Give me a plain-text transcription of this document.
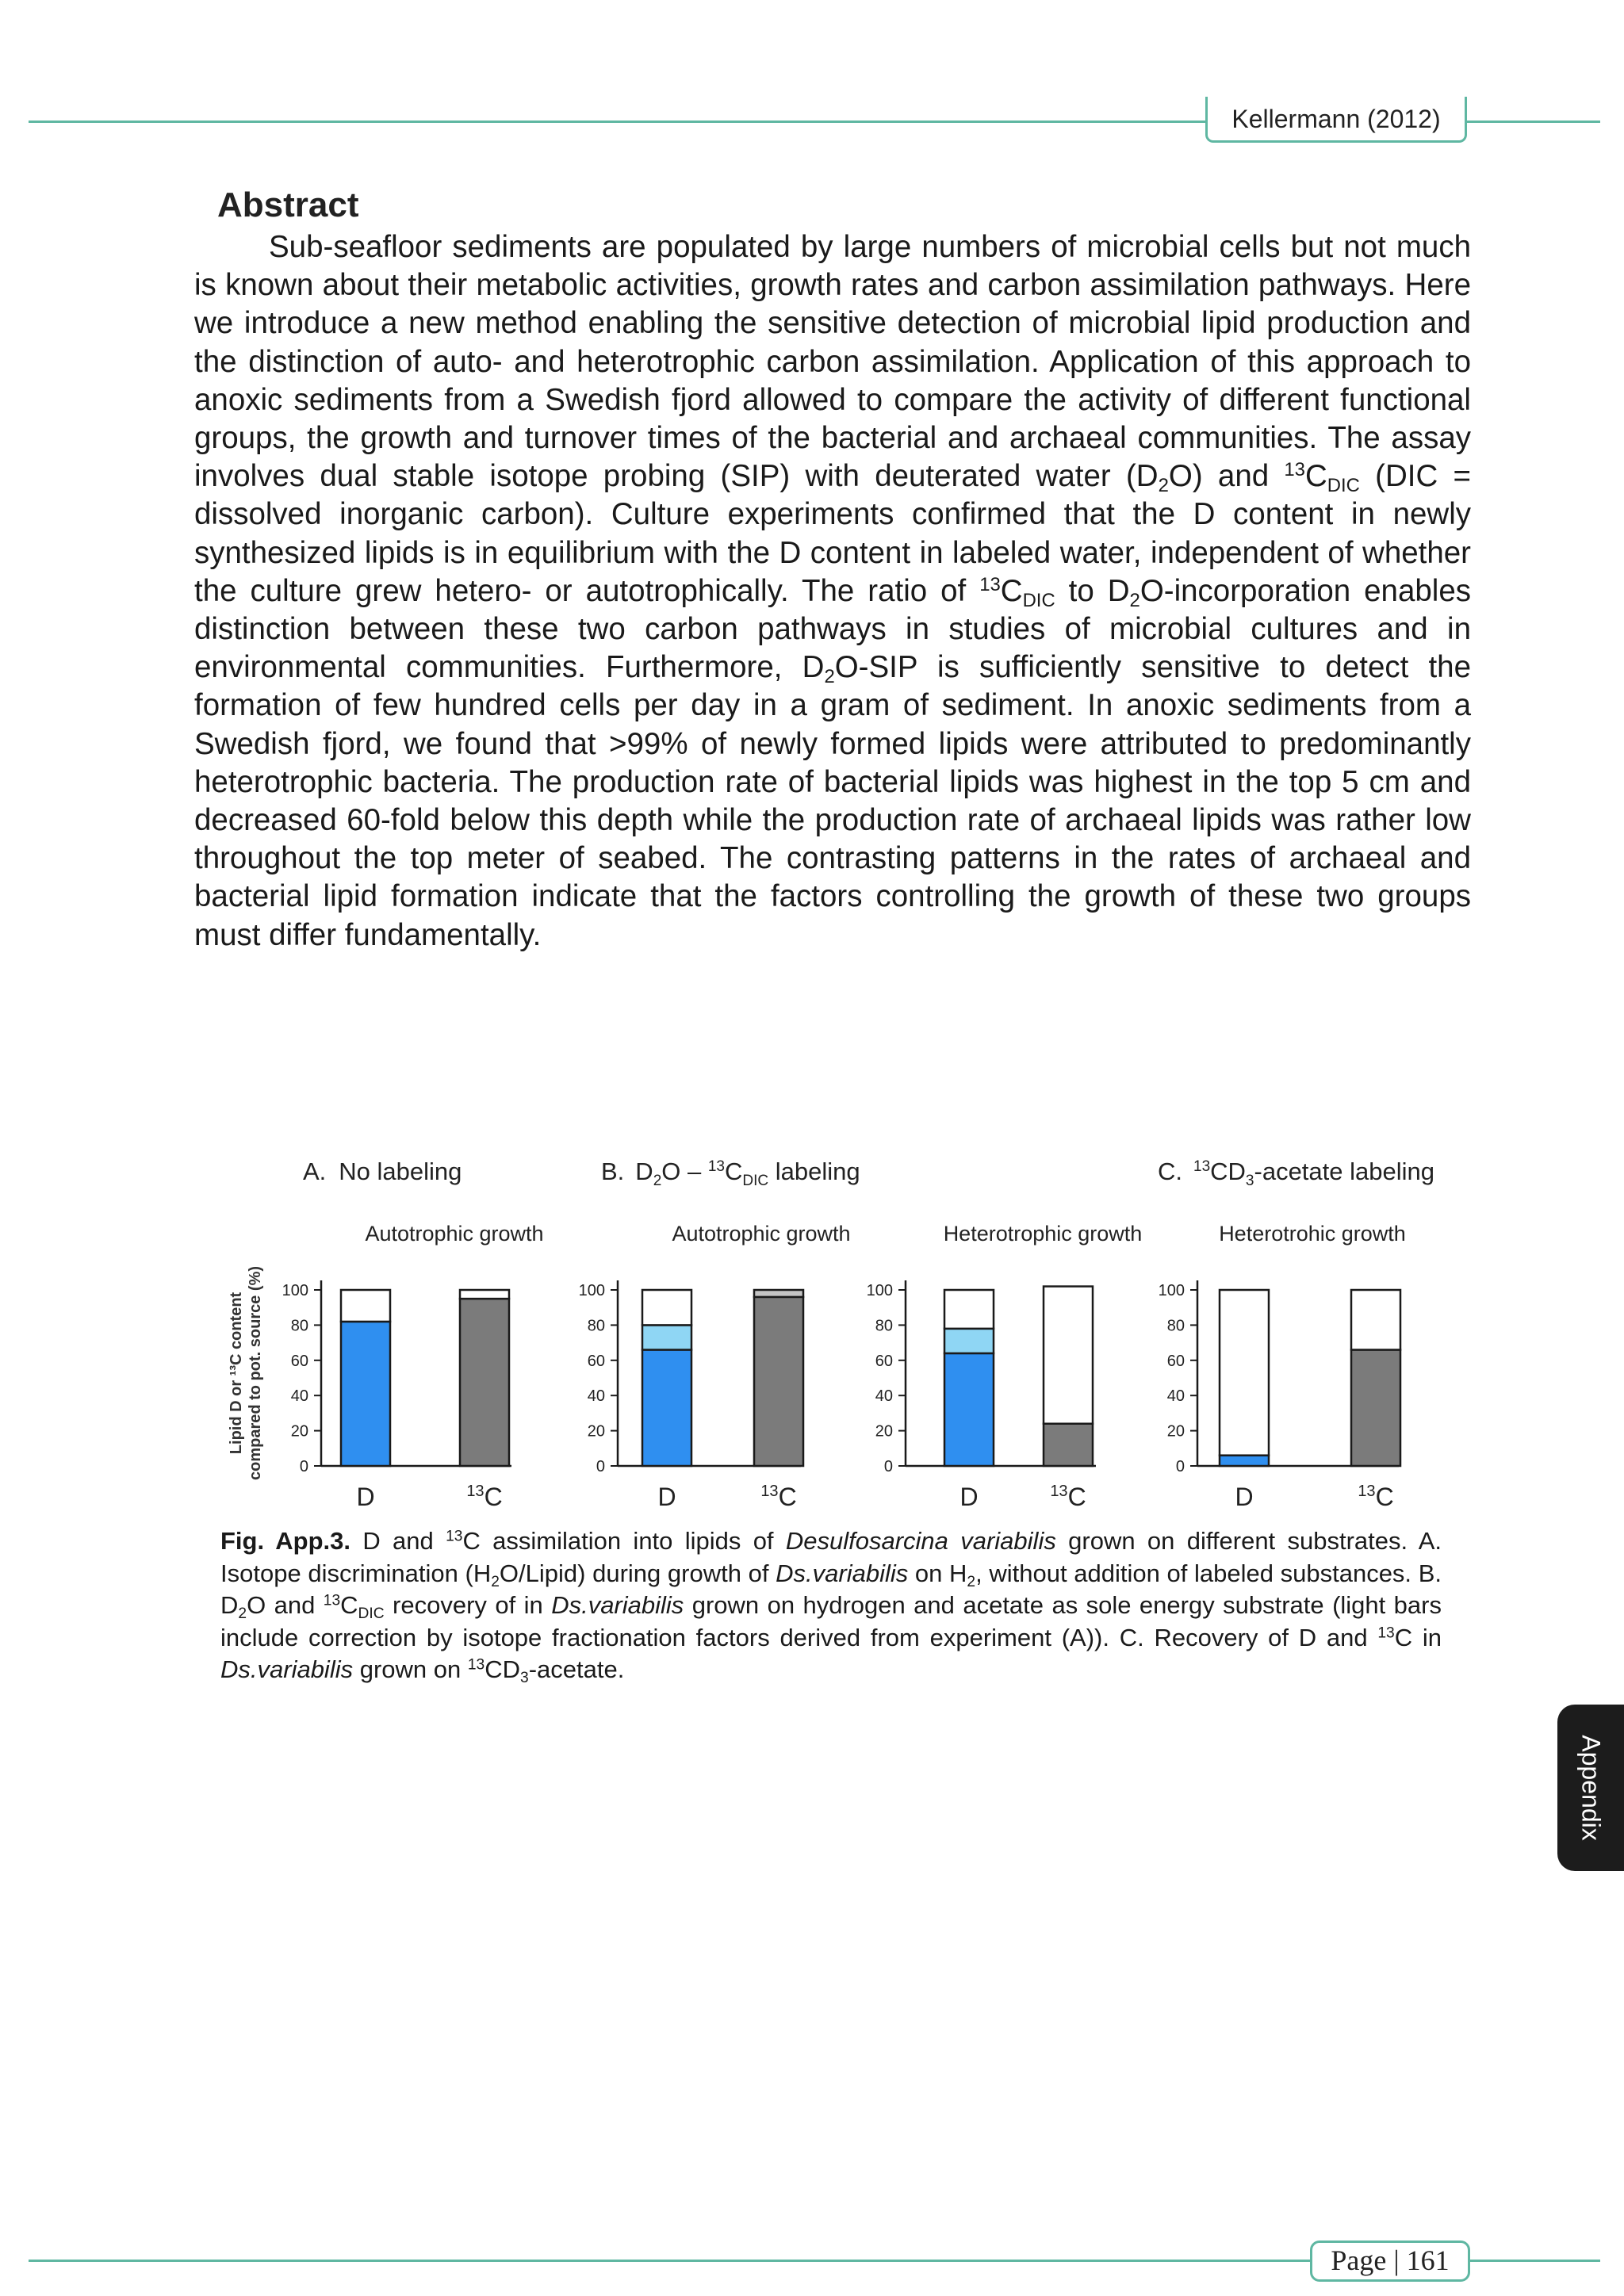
Kellermann (2012)
Abstract
Sub-seafloor sediments are populated by large numbers of microbial cells but not much is known about their metabolic activities, growth rates and carbon assimilation pathways. Here we introduce a new method enabling the sensitive detection of microbial lipid production and the distinction of auto- and heterotrophic carbon assimilation. Application of this approach to anoxic sediments from a Swedish fjord allowed to compare the activity of different functional groups, the growth and turnover times of the bacterial and archaeal communities. The assay involves dual stable isotope probing (SIP) with deuterated water $(D_2O)$ and $^{13}C_{DIC}$ (DIC = dissolved inorganic carbon). Culture experiments confirmed that the D content in newly synthesized lipids is in equilibrium with the D content in labeled water, independent of whether the culture grew hetero- or autotrophically. The ratio of $^{13}C_{DIC}$ to $D_2O$-incorporation enables distinction between these two carbon pathways in studies of microbial cultures and in environmental communities. Furthermore, $D_2O$-SIP is sufficiently sensitive to detect the formation of few hundred cells per day in a gram of sediment. In anoxic sediments from a Swedish fjord, we found that >99% of newly formed lipids were attributed to predominantly heterotrophic bacteria. The production rate of bacterial lipids was highest in the top 5 cm and decreased 60-fold below this depth while the production rate of archaeal lipids was rather low throughout the top meter of seabed. The contrasting patterns in the rates of archaeal and bacterial lipid formation indicate that the factors controlling the growth of these two groups must differ fundamentally.
A. No labeling	B. $D_2O - ^{13}C_{DIC}$ labeling	C. $^{13}CD_3$-acetate labeling
Lipid D or ¹³C content compared to pot. source (%)
Autotrophic growth
0
20
40
60
80
100
D	$^{13}$C
Autotrophic growth
0
20
40
60
80
100
D	$^{13}$C
Heterotrophic growth
0
20
40
60
80
100
D	$^{13}$C
Heterotrohic growth
0
20
40
60
80
100
D	$^{13}$C
Fig. App.3. D and $^{13}$C assimilation into lipids of Desulfosarcina variabilis grown on different substrates. A. Isotope discrimination $(H_2O/Lipid)$ during growth of Ds.variabilis on $H_2$, without addition of labeled substances. B. $D_2O$ and $^{13}C_{DIC}$ recovery of in Ds.variabilis grown on hydrogen and acetate as sole energy substrate (light bars include correction by isotope fractionation factors derived from experiment (A)). C. Recovery of D and $^{13}$C in Ds.variabilis grown on $^{13}CD_3$-acetate.
Appendix
Page | 161
